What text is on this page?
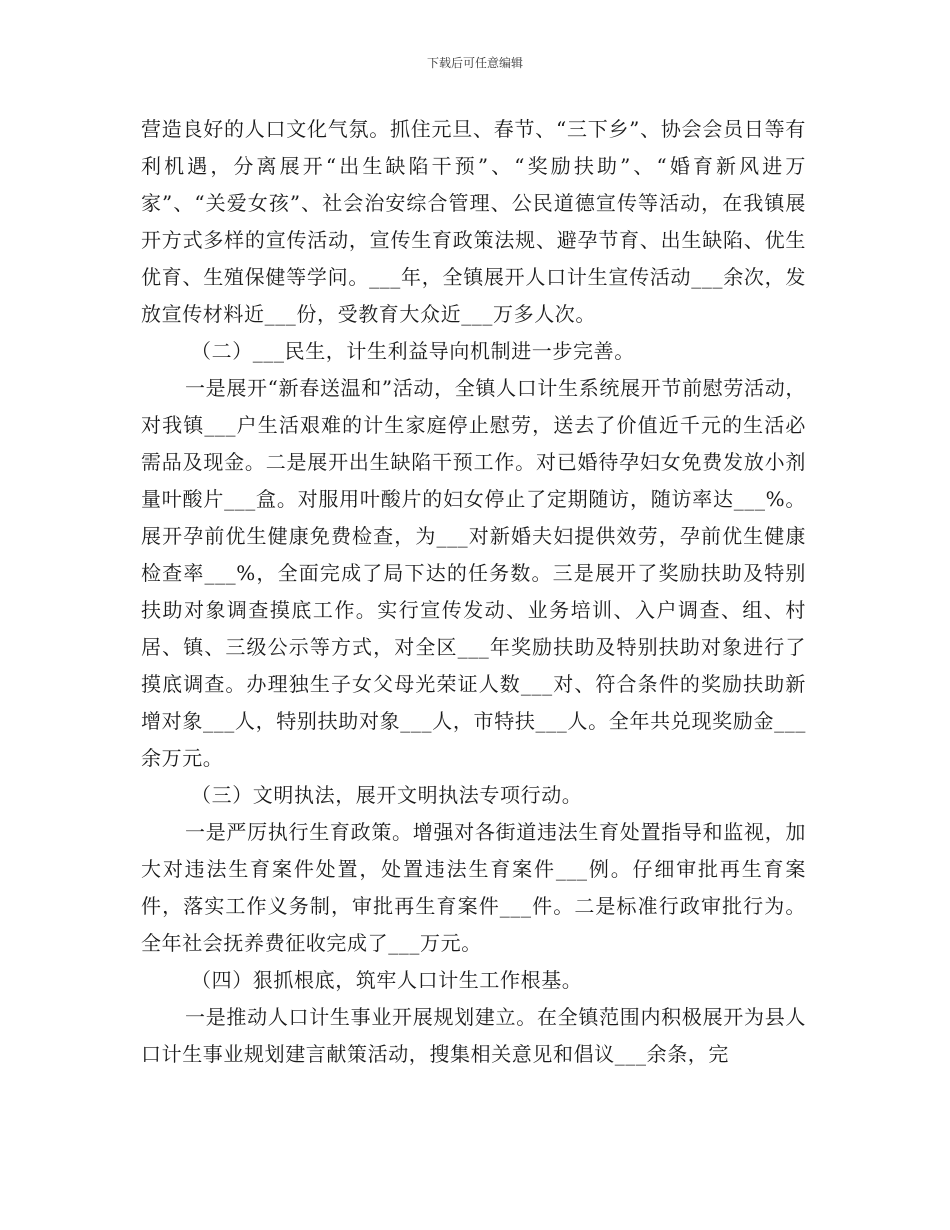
下载后可任意编辑

营造良好的人口文化气氛。抓住元旦、春节、“三下乡”、协会会员日等有利机遇，分离展开“出生缺陷干预”、“奖励扶助”、“婚育新风进万家”、“关爱女孩”、社会治安综合管理、公民道德宣传等活动，在我镇展开方式多样的宣传活动，宣传生育政策法规、避孕节育、出生缺陷、优生优育、生殖保健等学问。___年，全镇展开人口计生宣传活动___余次，发放宣传材料近___份，受教育大众近___万多人次。

（二）___民生，计生利益导向机制进一步完善。

一是展开“新春送温和”活动，全镇人口计生系统展开节前慰劳活动，对我镇___户生活艰难的计生家庭停止慰劳，送去了价值近千元的生活必需品及现金。二是展开出生缺陷干预工作。对已婚待孕妇女免费发放小剂量叶酸片___盒。对服用叶酸片的妇女停止了定期随访，随访率达___%。展开孕前优生健康免费检查，为___对新婚夫妇提供效劳，孕前优生健康检查率___%，全面完成了局下达的任务数。三是展开了奖励扶助及特别扶助对象调查摸底工作。实行宣传发动、业务培训、入户调查、组、村居、镇、三级公示等方式，对全区___年奖励扶助及特别扶助对象进行了摸底调查。办理独生子女父母光荣证人数___对、符合条件的奖励扶助新增对象___人，特别扶助对象___人，市特扶___人。全年共兑现奖励金___余万元。

（三）文明执法，展开文明执法专项行动。

一是严厉执行生育政策。增强对各街道违法生育处置指导和监视，加大对违法生育案件处置，处置违法生育案件___例。仔细审批再生育案件，落实工作义务制，审批再生育案件___件。二是标准行政审批行为。全年社会抚养费征收完成了___万元。

（四）狠抓根底，筑牢人口计生工作根基。

一是推动人口计生事业开展规划建立。在全镇范围内积极展开为县人口计生事业规划建言献策活动，搜集相关意见和倡议___余条，完
